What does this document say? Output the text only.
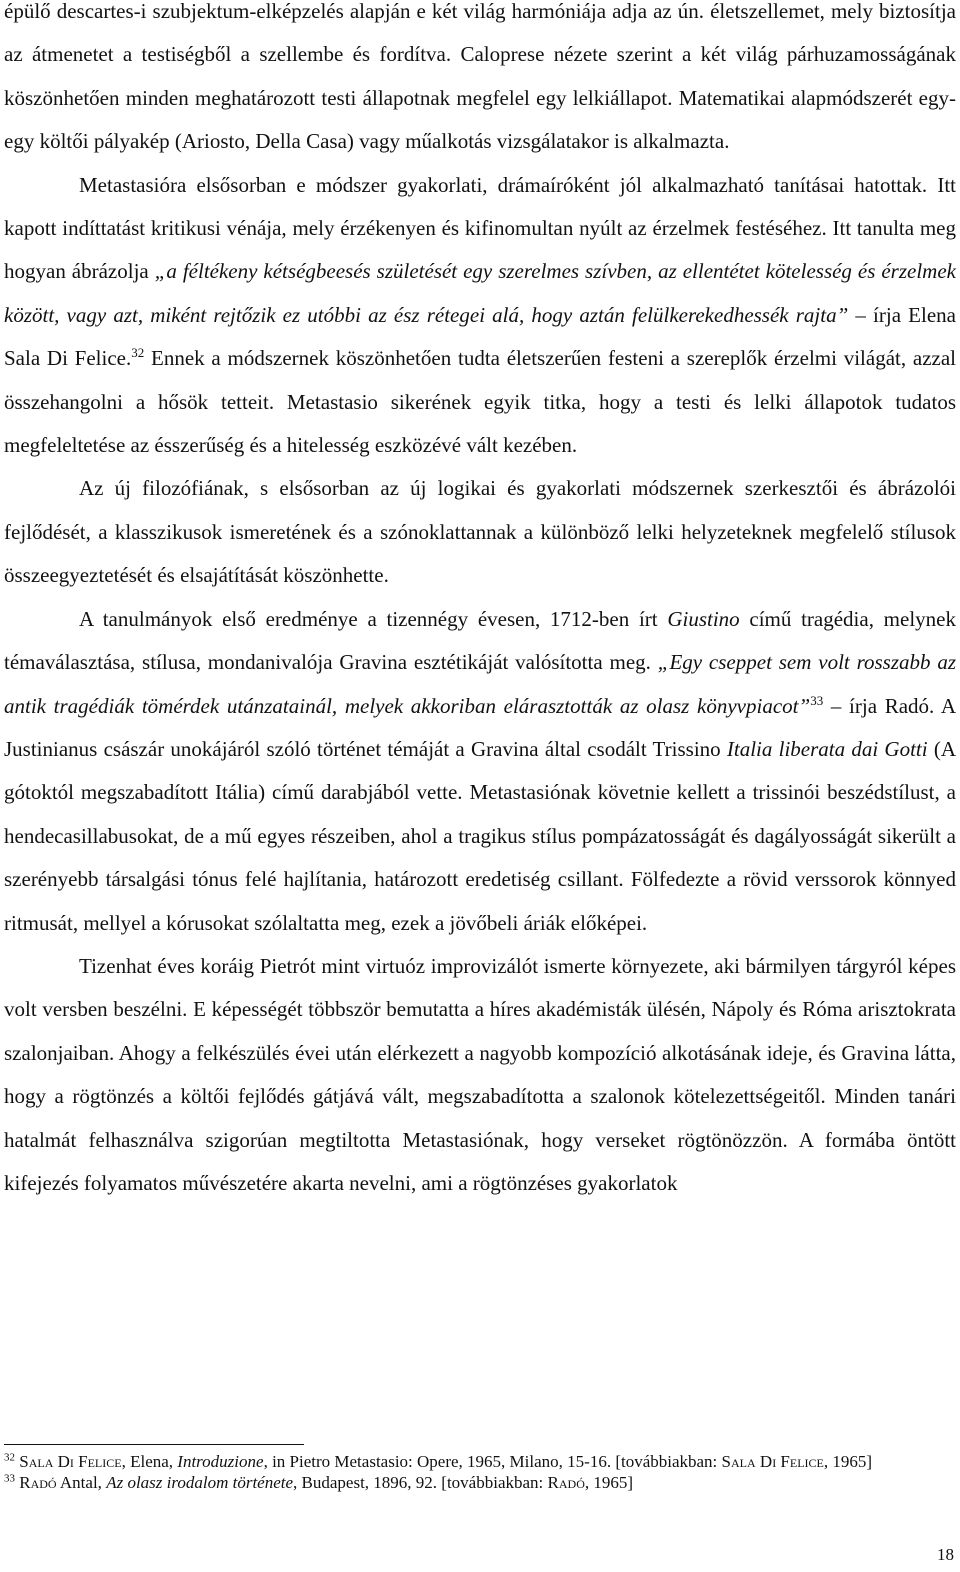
épülő descartes-i szubjektum-elképzelés alapján e két világ harmóniája adja az ún. életszellemet, mely biztosítja az átmenetet a testiségből a szellembe és fordítva. Caloprese nézete szerint a két világ párhuzamosságának köszönhetően minden meghatározott testi állapotnak megfelel egy lelkiállapot. Matematikai alapmódszerét egy-egy költői pályakép (Ariosto, Della Casa) vagy műalkotás vizsgálatakor is alkalmazta.

Metastasióra elsősorban e módszer gyakorlati, drámaíróként jól alkalmazható tanításai hatottak. Itt kapott indíttatást kritikusi vénája, mely érzékenyen és kifinomultan nyúlt az érzelmek festéséhez. Itt tanulta meg hogyan ábrázolja „a féltékeny kétségbeesés születését egy szerelmes szívben, az ellentétet kötelesség és érzelmek között, vagy azt, miként rejtőzik ez utóbbi az ész rétegei alá, hogy aztán felülkerekedhessék rajta” – írja Elena Sala Di Felice.$^{32}$ Ennek a módszernek köszönhetően tudta életszerűen festeni a szereplők érzelmi világát, azzal összehangolni a hősök tetteit. Metastasio sikerének egyik titka, hogy a testi és lelki állapotok tudatos megfeleltetése az ésszerűség és a hitelesség eszközévé vált kezében.

Az új filozófiának, s elsősorban az új logikai és gyakorlati módszernek szerkesztői és ábrázolói fejlődését, a klasszikusok ismeretének és a szónoklattannak a különböző lelki helyzeteknek megfelelő stílusok összeegyeztetését és elsajátítását köszönhette.

A tanulmányok első eredménye a tizennégy évesen, 1712-ben írt Giustino című tragédia, melynek témaválasztása, stílusa, mondanivalója Gravina esztétikáját valósította meg. „Egy cseppet sem volt rosszabb az antik tragédiák tömérdek utánzatainál, melyek akkoriban elárasztották az olasz könyvpiacot”$^{33}$ – írja Radó. A Justinianus császár unokájáról szóló történet témáját a Gravina által csodált Trissino Italia liberata dai Gotti (A gótoktól megszabadított Itália) című darabjából vette. Metastasiónak követnie kellett a trissinói beszédstílust, a hendecasillabusokat, de a mű egyes részeiben, ahol a tragikus stílus pompázatosságát és dagályosságát sikerült a szerényebb társalgási tónus felé hajlítania, határozott eredetiség csillant. Fölfedezte a rövid verssorok könnyed ritmusát, mellyel a kórusokat szólaltatta meg, ezek a jövőbeli áriák előképei.

Tizenhat éves koráig Pietrót mint virtuóz improvizálót ismerte környezete, aki bármilyen tárgyról képes volt versben beszélni. E képességét többször bemutatta a híres akadémisták ülésén, Nápoly és Róma arisztokrata szalonjaiban. Ahogy a felkészülés évei után elérkezett a nagyobb kompozíció alkotásának ideje, és Gravina látta, hogy a rögtönzés a költői fejlődés gátjává vált, megszabadította a szalonok kötelezettségeitől. Minden tanári hatalmát felhasználva szigorúan megtiltotta Metastasiónak, hogy verseket rögtönözzön. A formába öntött kifejezés folyamatos művészetére akarta nevelni, ami a rögtönzéses gyakorlatok

$^{32}$ Sala Di Felice, Elena, Introduzione, in Pietro Metastasio: Opere, 1965, Milano, 15-16. [továbbiakban: Sala Di Felice, 1965]

$^{33}$ Radó Antal, Az olasz irodalom története, Budapest, 1896, 92. [továbbiakban: Radó, 1965]

18
